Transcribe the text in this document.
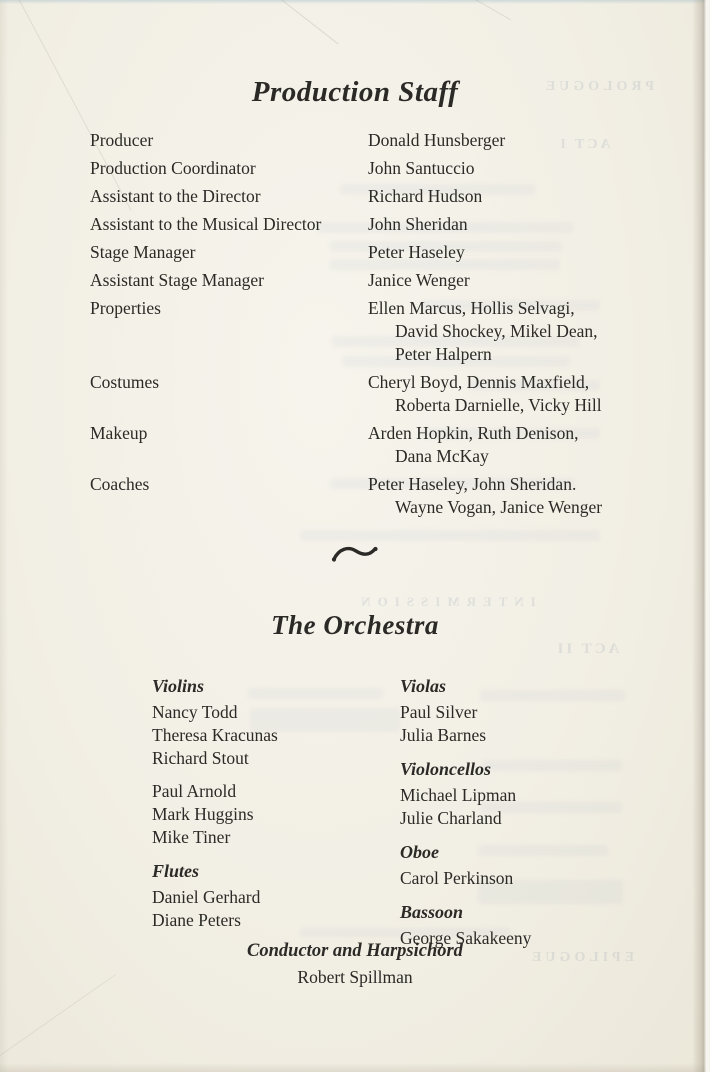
PROLOGUE
ACT I
INTERMISSION
ACT II
EPILOGUE
Production Staff
Producer	Donald Hunsberger
Production Coordinator	John Santuccio
Assistant to the Director	Richard Hudson
Assistant to the Musical Director	John Sheridan
Stage Manager	Peter Haseley
Assistant Stage Manager	Janice Wenger
Properties	Ellen Marcus, Hollis Selvagi,
David Shockey, Mikel Dean,
Peter Halpern
Costumes	Cheryl Boyd, Dennis Maxfield,
Roberta Darnielle, Vicky Hill
Makeup	Arden Hopkin, Ruth Denison,
Dana McKay
Coaches	Peter Haseley, John Sheridan.
Wayne Vogan, Janice Wenger
The Orchestra
Violins
Nancy Todd
Theresa Kracunas
Richard Stout
Paul Arnold
Mark Huggins
Mike Tiner
Flutes
Daniel Gerhard
Diane Peters
Violas
Paul Silver
Julia Barnes
Violoncellos
Michael Lipman
Julie Charland
Oboe
Carol Perkinson
Bassoon
George Sakakeeny
Conductor and Harpsichord
Robert Spillman
